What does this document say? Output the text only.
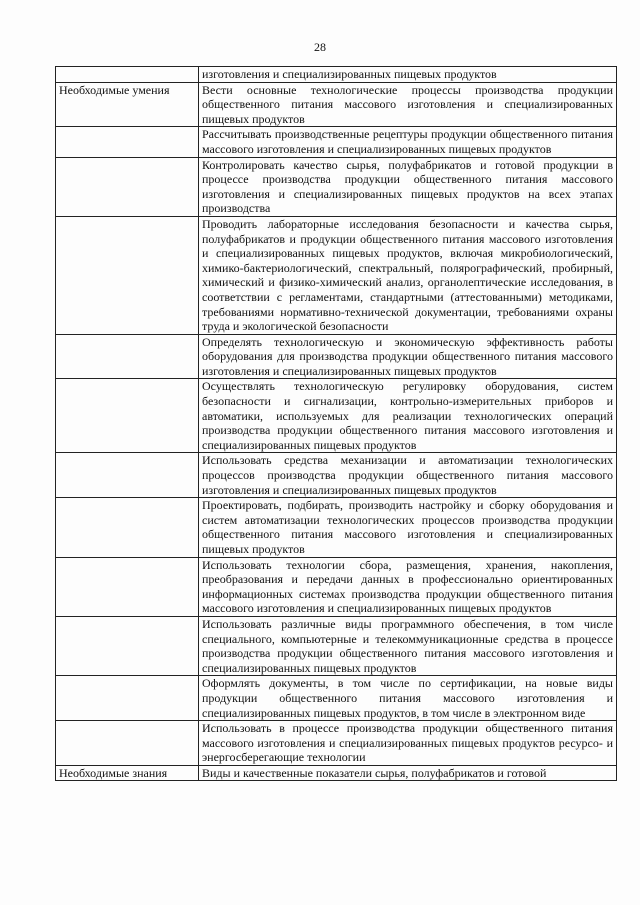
28
	изготовления и специализированных пищевых продуктов
Необходимые умения	Вести основные технологические процессы производства продукции общественного питания массового изготовления и специализированных пищевых продуктов
	Рассчитывать производственные рецептуры продукции общественного питания массового изготовления и специализированных пищевых продуктов
	Контролировать качество сырья, полуфабрикатов и готовой продукции в процессе производства продукции общественного питания массового изготовления и специализированных пищевых продуктов на всех этапах производства
	Проводить лабораторные исследования безопасности и качества сырья, полуфабрикатов и продукции общественного питания массового изготовления и специализированных пищевых продуктов, включая микробиологический, химико-бактериологический, спектральный, полярографический, пробирный, химический и физико-химический анализ, органолептические исследования, в соответствии с регламентами, стандартными (аттестованными) методиками, требованиями нормативно-технической документации, требованиями охраны труда и экологической безопасности
	Определять технологическую и экономическую эффективность работы оборудования для производства продукции общественного питания массового изготовления и специализированных пищевых продуктов
	Осуществлять технологическую регулировку оборудования, систем безопасности и сигнализации, контрольно-измерительных приборов и автоматики, используемых для реализации технологических операций производства продукции общественного питания массового изготовления и специализированных пищевых продуктов
	Использовать средства механизации и автоматизации технологических процессов производства продукции общественного питания массового изготовления и специализированных пищевых продуктов
	Проектировать, подбирать, производить настройку и сборку оборудования и систем автоматизации технологических процессов производства продукции общественного питания массового изготовления и специализированных пищевых продуктов
	Использовать технологии сбора, размещения, хранения, накопления, преобразования и передачи данных в профессионально ориентированных информационных системах производства продукции общественного питания массового изготовления и специализированных пищевых продуктов
	Использовать различные виды программного обеспечения, в том числе специального, компьютерные и телекоммуникационные средства в процессе производства продукции общественного питания массового изготовления и специализированных пищевых продуктов
	Оформлять документы, в том числе по сертификации, на новые виды продукции общественного питания массового изготовления и специализированных пищевых продуктов, в том числе в электронном виде
	Использовать в процессе производства продукции общественного питания массового изготовления и специализированных пищевых продуктов ресурсо- и энергосберегающие технологии

Необходимые знания	Виды и качественные показатели сырья, полуфабрикатов и готовой
